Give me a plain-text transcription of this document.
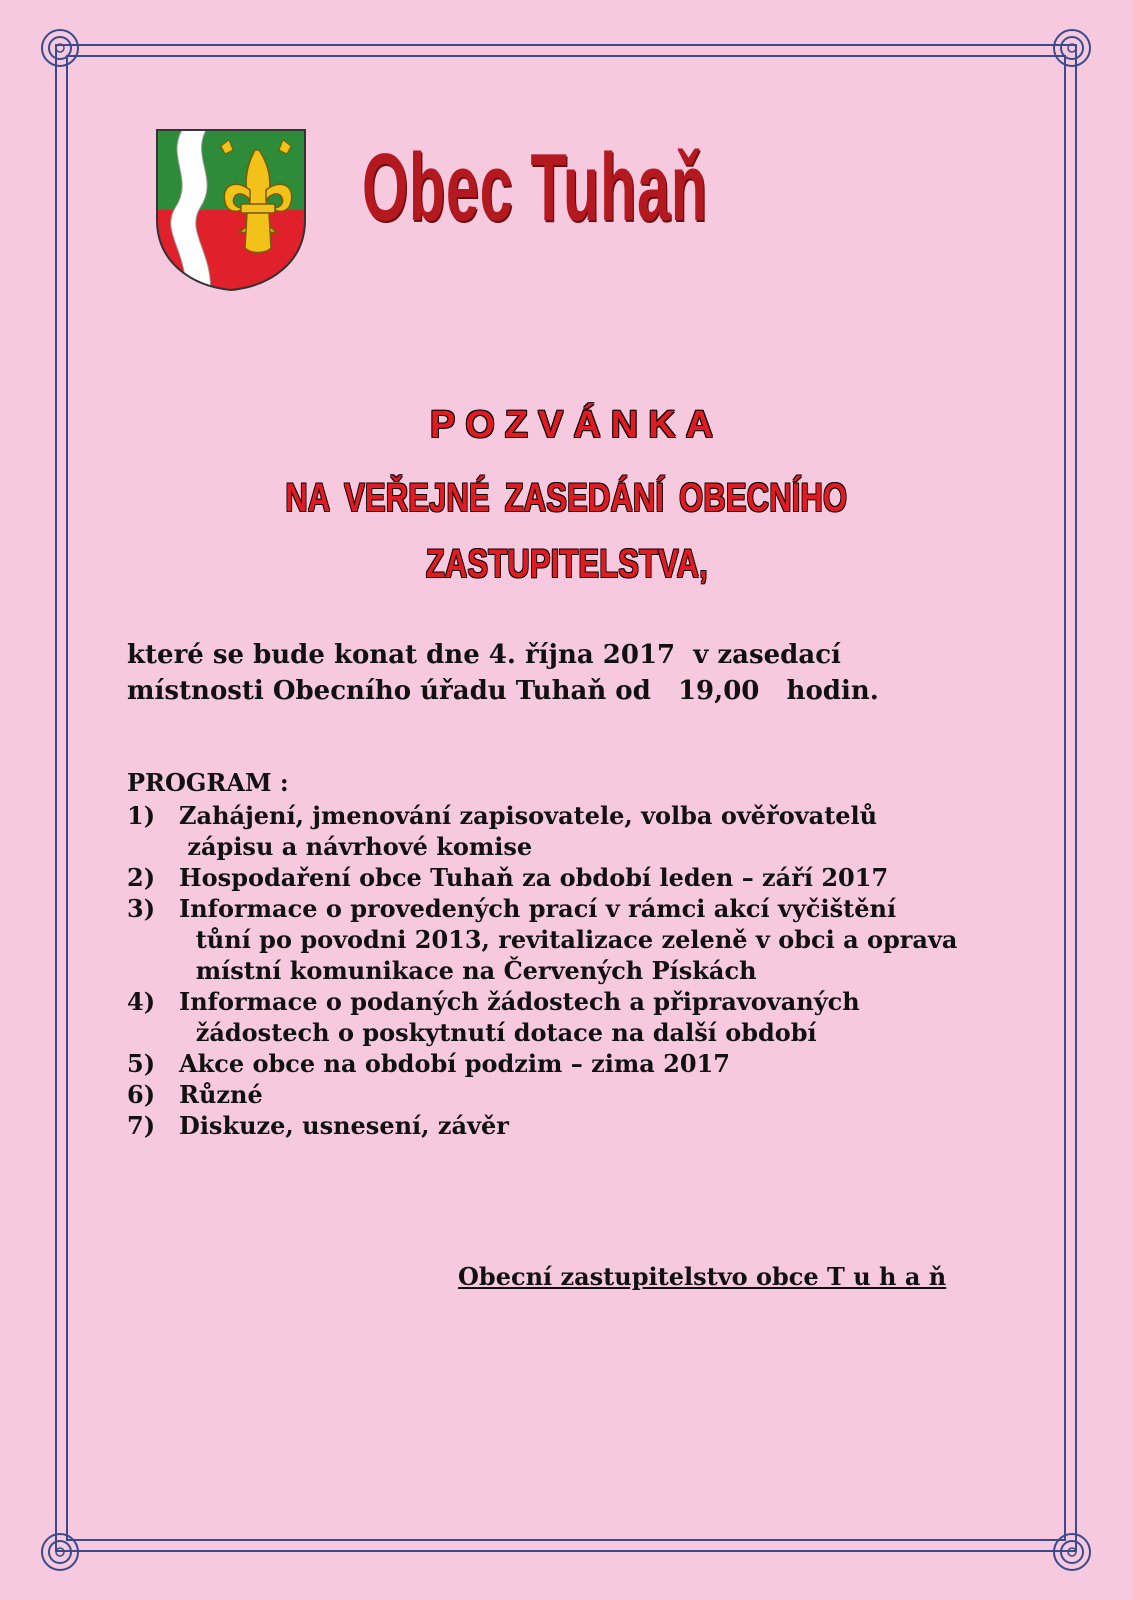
Obec Tuhaň
POZVÁNKA
NA VEŘEJNÉ ZASEDÁNÍ OBECNÍHO
ZASTUPITELSTVA,
které se bude konat dne 4. října 2017  v zasedací
místnosti Obecního úřadu Tuhaň od   19,00   hodin.
PROGRAM :
1) Zahájení, jmenování zapisovatele, volba ověřovatelů
zápisu a návrhové komise
2) Hospodaření obce Tuhaň za období leden – září 2017
3) Informace o provedených prací v rámci akcí vyčištění
tůní po povodni 2013, revitalizace zeleně v obci a oprava
místní komunikace na Červených Pískách
4) Informace o podaných žádostech a připravovaných
žádostech o poskytnutí dotace na další období
5) Akce obce na období podzim – zima 2017
6) Různé
7) Diskuze, usnesení, závěr
Obecní zastupitelstvo obce T u h a ň
